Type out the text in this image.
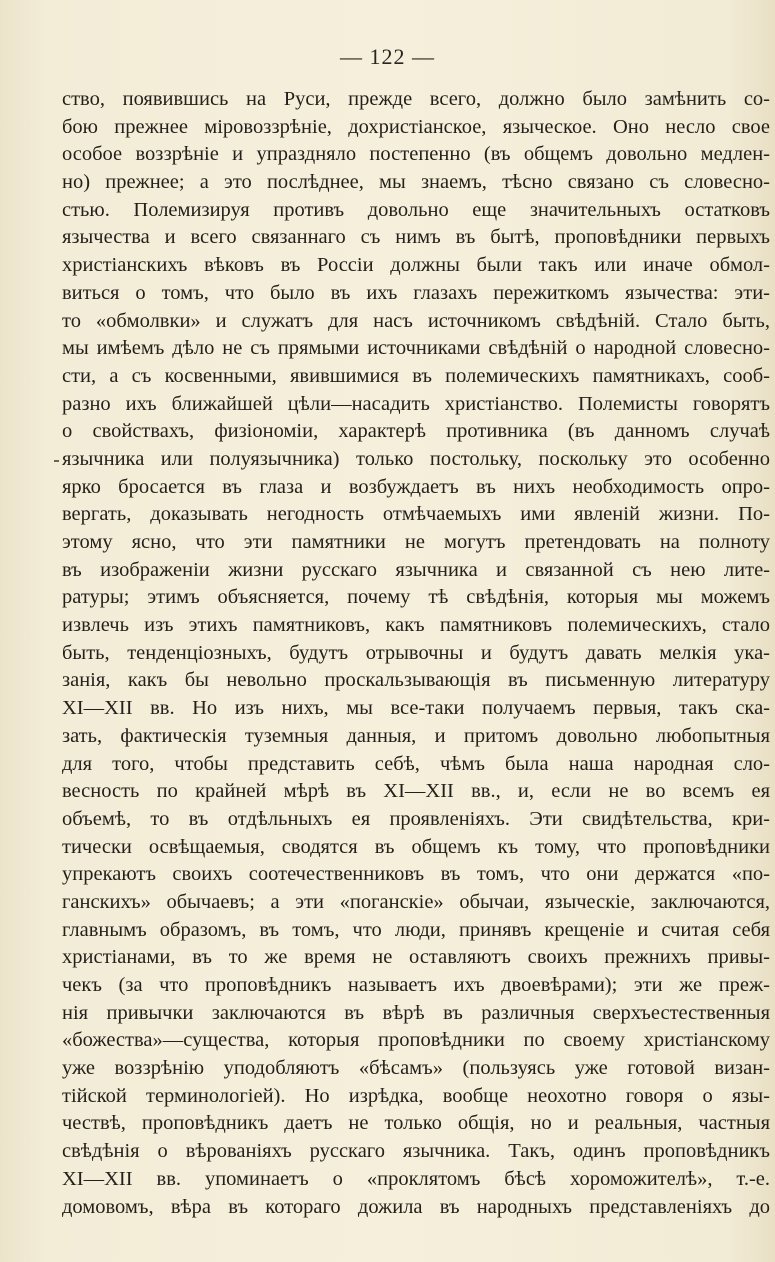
— 122 —
ство, появившись на Руси, прежде всего, должно было замѣнить со-
бою прежнее міровоззрѣніе, дохристіанское, языческое. Оно несло свое
особое воззрѣніе и упраздняло постепенно (въ общемъ довольно медлен-
но) прежнее; а это послѣднее, мы знаемъ, тѣсно связано съ словесно-
стью. Полемизируя противъ довольно еще значительныхъ остатковъ
язычества и всего связаннаго съ нимъ въ бытѣ, проповѣдники первыхъ
христіанскихъ вѣковъ въ Россіи должны были такъ или иначе обмол-
виться о томъ, что было въ ихъ глазахъ пережиткомъ язычества: эти-
то «обмолвки» и служатъ для насъ источникомъ свѣдѣній. Стало быть,
мы имѣемъ дѣло не съ прямыми источниками свѣдѣній о народной словесно-
сти, а съ косвенными, явившимися въ полемическихъ памятникахъ, сооб-
разно ихъ ближайшей цѣли—насадить христіанство. Полемисты говорятъ
о свойствахъ, физіономіи, характерѣ противника (въ данномъ случаѣ
язычника или полуязычника) только постольку, поскольку это особенно
ярко бросается въ глаза и возбуждаетъ въ нихъ необходимость опро-
вергать, доказывать негодность отмѣчаемыхъ ими явленій жизни. По-
этому ясно, что эти памятники не могутъ претендовать на полноту
въ изображеніи жизни русскаго язычника и связанной съ нею лите-
ратуры; этимъ объясняется, почему тѣ свѣдѣнія, которыя мы можемъ
извлечь изъ этихъ памятниковъ, какъ памятниковъ полемическихъ, стало
быть, тенденціозныхъ, будутъ отрывочны и будутъ давать мелкія ука-
занія, какъ бы невольно проскальзывающія въ письменную литературу
XI—XII вв. Но изъ нихъ, мы все-таки получаемъ первыя, такъ ска-
зать, фактическія туземныя данныя, и притомъ довольно любопытныя
для того, чтобы представить себѣ, чѣмъ была наша народная сло-
весность по крайней мѣрѣ въ XI—XII вв., и, если не во всемъ ея
объемѣ, то въ отдѣльныхъ ея проявленіяхъ. Эти свидѣтельства, кри-
тически освѣщаемыя, сводятся въ общемъ къ тому, что проповѣдники
упрекаютъ своихъ соотечественниковъ въ томъ, что они держатся «по-
ганскихъ» обычаевъ; а эти «поганскіе» обычаи, языческіе, заключаются,
главнымъ образомъ, въ томъ, что люди, принявъ крещеніе и считая себя
христіанами, въ то же время не оставляютъ своихъ прежнихъ привы-
чекъ (за что проповѣдникъ называетъ ихъ двоевѣрами); эти же преж-
нія привычки заключаются въ вѣрѣ въ различныя сверхъестественныя
«божества»—существа, которыя проповѣдники по своему христіанскому
уже воззрѣнію уподобляютъ «бѣсамъ» (пользуясь уже готовой визан-
тійской терминологіей). Но изрѣдка, вообще неохотно говоря о язы-
чествѣ, проповѣдникъ даетъ не только общія, но и реальныя, частныя
свѣдѣнія о вѣрованіяхъ русскаго язычника. Такъ, одинъ проповѣдникъ
XI—XII вв. упоминаетъ о «проклятомъ бѣсѣ хороможителѣ», т.-е.
домовомъ, вѣра въ котораго дожила въ народныхъ представленіяхъ до
